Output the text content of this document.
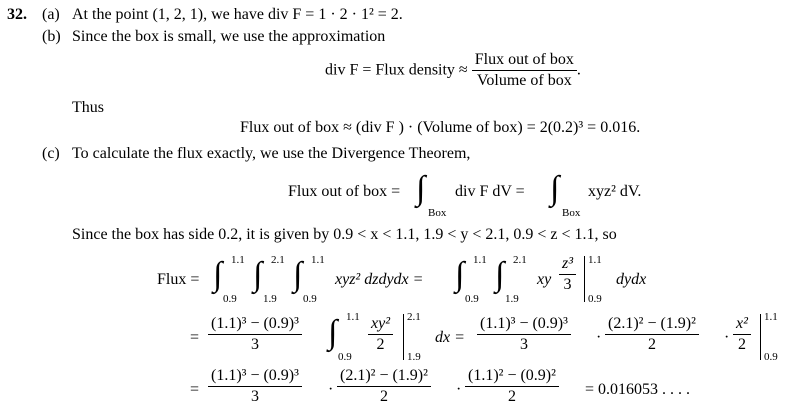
32. (a) At the point (1, 2, 1), we have div F = 1 · 2 · 1² = 2.
(b) Since the box is small, we use the approximation
div F = Flux density ≈ $\frac{\text{Flux out of box}}{\text{Volume of box}}$ .
Thus
Flux out of box ≈ (div F ) · (Volume of box) = 2(0.2)³ = 0.016.
(c) To calculate the flux exactly, we use the Divergence Theorem,
Flux out of box = ∫
Box
div F dV = ∫
Box
xyz² dV.
Since the box has side 0.2, it is given by 0.9 < x < 1.1, 1.9 < y < 2.1, 0.9 < z < 1.1, so
Flux = ∫ 1.1
0.9
∫ 2.1
1.9
∫ 1.1
0.9
xyz² dzdydx = ∫ 1.1
0.9
∫ 2.1
1.9
xy $\frac{\text{z³}}{3} 1.1$
0.9
dydx
= $\frac{\text{(1.1)³ − (0.9)³}}{3}$ ∫ 1.1
0.9
$\frac{\text{xy²}}{2} 2.1$
1.9
dx = $\frac{\text{(1.1)³ − (0.9)³}}{3} \cdot \frac{\text{(2.1)² − (1.9)²}}{2} \cdot \frac{\text{x²}}{2} 1.1$
0.9
= $\frac{\text{(1.1)³ − (0.9)³}}{3} \cdot \frac{\text{(2.1)² − (1.9)²}}{2} \cdot \frac{\text{(1.1)² − (0.9)²}}{2} = 0.016053$ . . . .
